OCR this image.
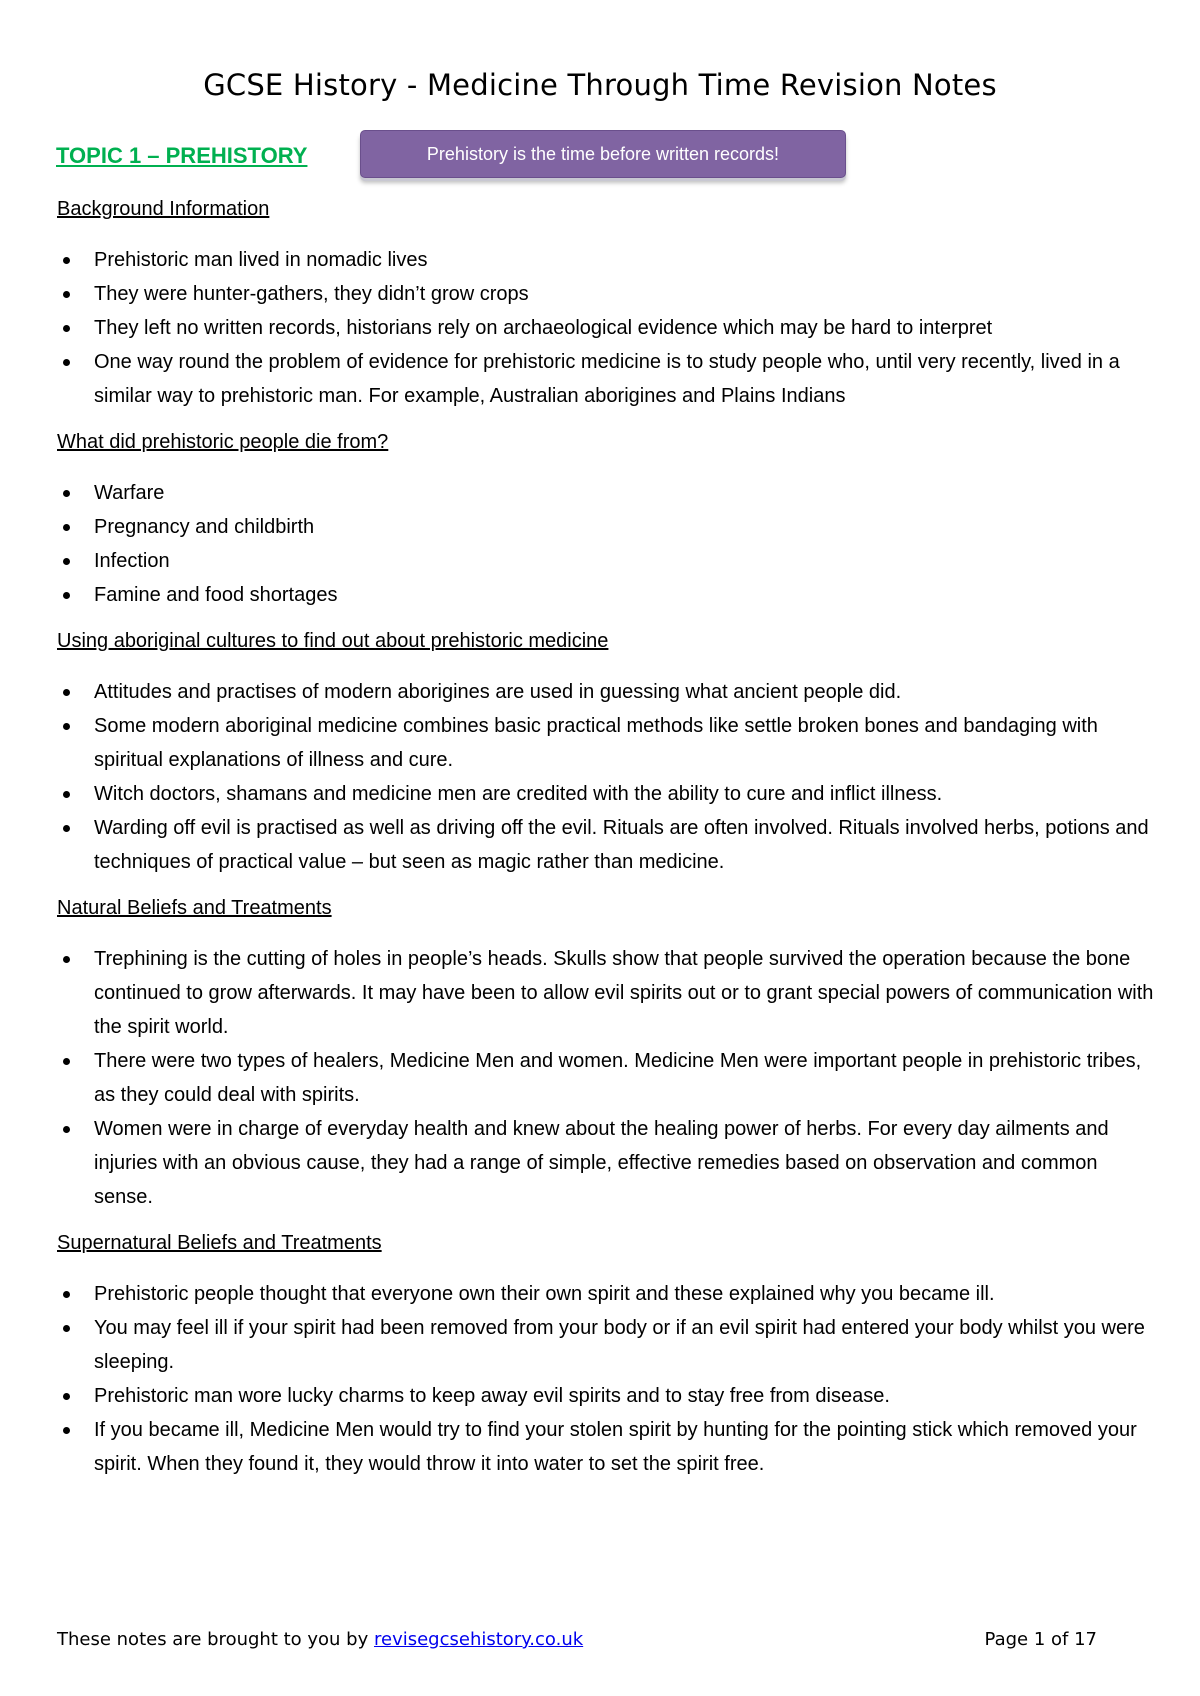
GCSE History - Medicine Through Time Revision Notes
TOPIC 1 – PREHISTORY	Prehistory is the time before written records!

Background Information

Prehistoric man lived in nomadic lives
They were hunter-gathers, they didn’t grow crops
They left no written records, historians rely on archaeological evidence which may be hard to interpret
One way round the problem of evidence for prehistoric medicine is to study people who, until very recently, lived in a similar way to prehistoric man. For example, Australian aborigines and Plains Indians

What did prehistoric people die from?

Warfare
Pregnancy and childbirth
Infection
Famine and food shortages

Using aboriginal cultures to find out about prehistoric medicine

Attitudes and practises of modern aborigines are used in guessing what ancient people did.
Some modern aboriginal medicine combines basic practical methods like settle broken bones and bandaging with spiritual explanations of illness and cure.
Witch doctors, shamans and medicine men are credited with the ability to cure and inflict illness.
Warding off evil is practised as well as driving off the evil. Rituals are often involved. Rituals involved herbs, potions and techniques of practical value – but seen as magic rather than medicine.

Natural Beliefs and Treatments

Trephining is the cutting of holes in people’s heads. Skulls show that people survived the operation because the bone continued to grow afterwards. It may have been to allow evil spirits out or to grant special powers of communication with the spirit world.
There were two types of healers, Medicine Men and women. Medicine Men were important people in prehistoric tribes, as they could deal with spirits.
Women were in charge of everyday health and knew about the healing power of herbs. For every day ailments and injuries with an obvious cause, they had a range of simple, effective remedies based on observation and common sense.

Supernatural Beliefs and Treatments

Prehistoric people thought that everyone own their own spirit and these explained why you became ill.
You may feel ill if your spirit had been removed from your body or if an evil spirit had entered your body whilst you were sleeping.
Prehistoric man wore lucky charms to keep away evil spirits and to stay free from disease.
If you became ill, Medicine Men would try to find your stolen spirit by hunting for the pointing stick which removed your spirit. When they found it, they would throw it into water to set the spirit free.
These notes are brought to you by revisegcsehistory.co.uk	Page 1 of 17
